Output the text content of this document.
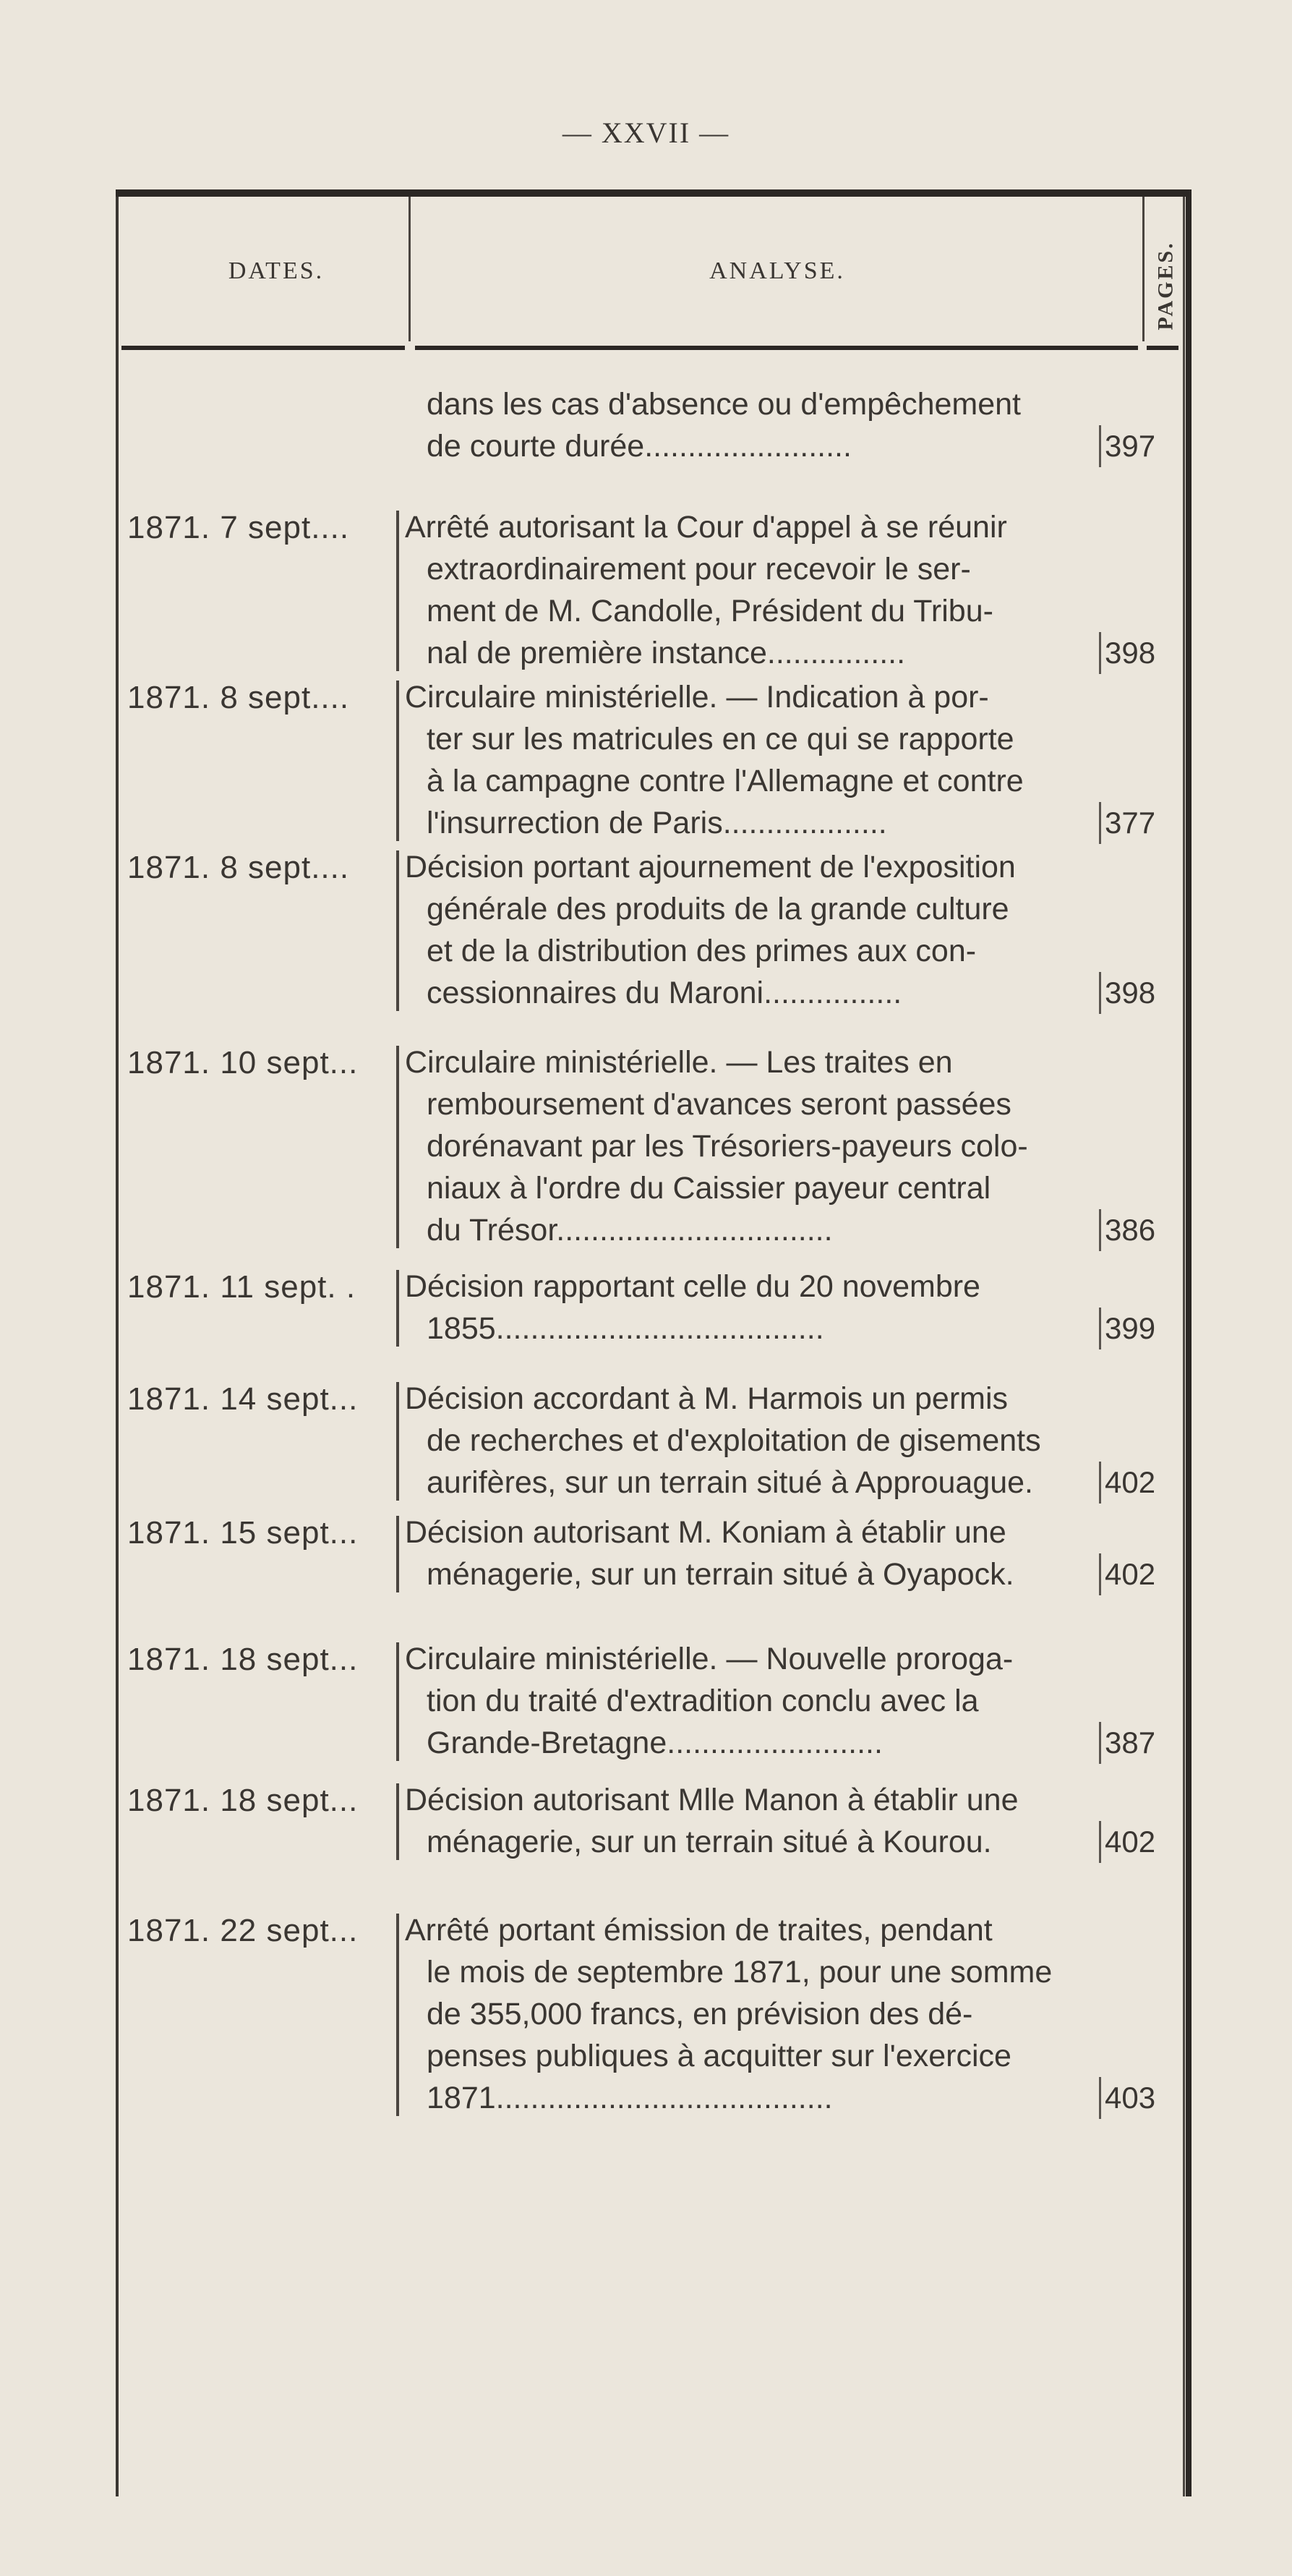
— XXVII —
DATES.	ANALYSE.	PAGES.
dans les cas d'absence ou d'empêchement
de courte durée........................	397
1871. 7 sept.... Arrêté autorisant la Cour d'appel à se réunir
extraordinairement pour recevoir le ser-
ment de M. Candolle, Président du Tribu-
nal de première instance................	398
1871. 8 sept.... Circulaire ministérielle. — Indication à por-
ter sur les matricules en ce qui se rapporte
à la campagne contre l'Allemagne et contre
l'insurrection de Paris...................	377
1871. 8 sept.... Décision portant ajournement de l'exposition
générale des produits de la grande culture
et de la distribution des primes aux con-
cessionnaires du Maroni................	398
1871. 10 sept... Circulaire ministérielle. — Les traites en
remboursement d'avances seront passées
dorénavant par les Trésoriers-payeurs colo-
niaux à l'ordre du Caissier payeur central
du Trésor................................	386
1871. 11 sept. . Décision rapportant celle du 20 novembre
1855......................................	399
1871. 14 sept... Décision accordant à M. Harmois un permis
de recherches et d'exploitation de gisements
aurifères, sur un terrain situé à Approuague.	402
1871. 15 sept... Décision autorisant M. Koniam à établir une
ménagerie, sur un terrain situé à Oyapock.	402
1871. 18 sept... Circulaire ministérielle. — Nouvelle proroga-
tion du traité d'extradition conclu avec la
Grande-Bretagne.........................	387
1871. 18 sept... Décision autorisant Mlle Manon à établir une
ménagerie, sur un terrain situé à Kourou.	402
1871. 22 sept... Arrêté portant émission de traites, pendant
le mois de septembre 1871, pour une somme
de 355,000 francs, en prévision des dé-
penses publiques à acquitter sur l'exercice
1871.......................................	403
